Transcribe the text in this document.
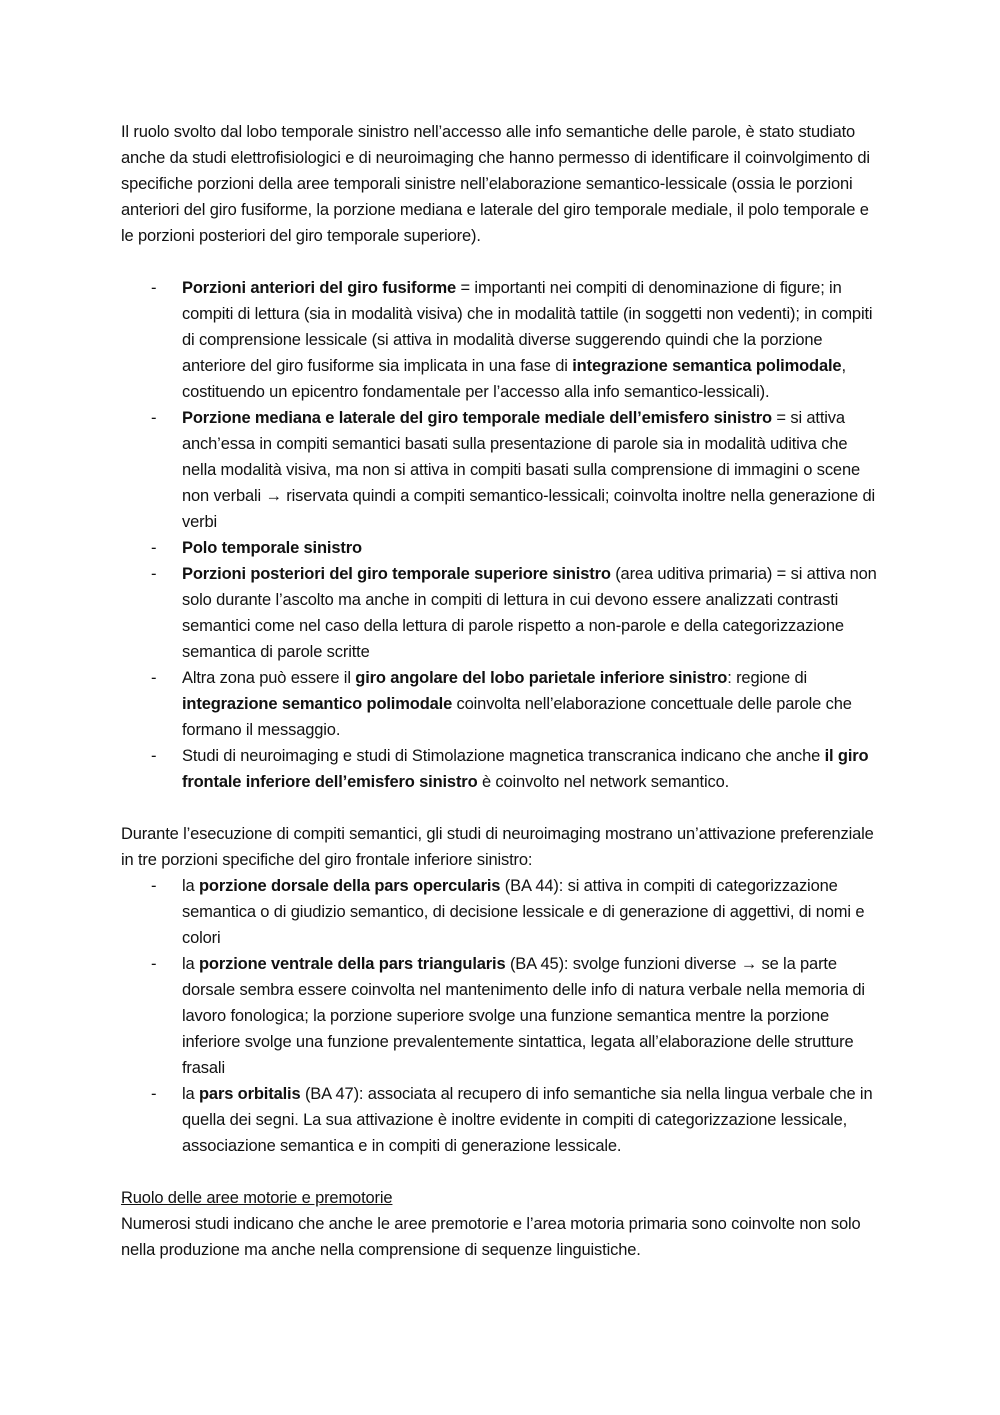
Il ruolo svolto dal lobo temporale sinistro nell’accesso alle info semantiche delle parole, è stato studiato anche da studi elettrofisiologici e di neuroimaging che hanno permesso di identificare il coinvolgimento di specifiche porzioni della aree temporali sinistre nell’elaborazione semantico-lessicale (ossia le porzioni anteriori del giro fusiforme, la porzione mediana e laterale del giro temporale mediale, il polo temporale e le porzioni posteriori del giro temporale superiore).

- Porzioni anteriori del giro fusiforme = importanti nei compiti di denominazione di figure; in compiti di lettura (sia in modalità visiva) che in modalità tattile (in soggetti non vedenti); in compiti di comprensione lessicale (si attiva in modalità diverse suggerendo quindi che la porzione anteriore del giro fusiforme sia implicata in una fase di integrazione semantica polimodale, costituendo un epicentro fondamentale per l’accesso alla info semantico-lessicali).
- Porzione mediana e laterale del giro temporale mediale dell’emisfero sinistro = si attiva anch’essa in compiti semantici basati sulla presentazione di parole sia in modalità uditiva che nella modalità visiva, ma non si attiva in compiti basati sulla comprensione di immagini o scene non verbali → riservata quindi a compiti semantico-lessicali; coinvolta inoltre nella generazione di verbi
- Polo temporale sinistro
- Porzioni posteriori del giro temporale superiore sinistro (area uditiva primaria) = si attiva non solo durante l’ascolto ma anche in compiti di lettura in cui devono essere analizzati contrasti semantici come nel caso della lettura di parole rispetto a non-parole e della categorizzazione semantica di parole scritte
- Altra zona può essere il giro angolare del lobo parietale inferiore sinistro: regione di integrazione semantico polimodale coinvolta nell’elaborazione concettuale delle parole che formano il messaggio.
- Studi di neuroimaging e studi di Stimolazione magnetica transcranica indicano che anche il giro frontale inferiore dell’emisfero sinistro è coinvolto nel network semantico.

Durante l’esecuzione di compiti semantici, gli studi di neuroimaging mostrano un’attivazione preferenziale in tre porzioni specifiche del giro frontale inferiore sinistro:

- la porzione dorsale della pars opercularis (BA 44): si attiva in compiti di categorizzazione semantica o di giudizio semantico, di decisione lessicale e di generazione di aggettivi, di nomi e colori
- la porzione ventrale della pars triangularis (BA 45): svolge funzioni diverse → se la parte dorsale sembra essere coinvolta nel mantenimento delle info di natura verbale nella memoria di lavoro fonologica; la porzione superiore svolge una funzione semantica mentre la porzione inferiore svolge una funzione prevalentemente sintattica, legata all’elaborazione delle strutture frasali
- la pars orbitalis (BA 47): associata al recupero di info semantiche sia nella lingua verbale che in quella dei segni. La sua attivazione è inoltre evidente in compiti di categorizzazione lessicale, associazione semantica e in compiti di generazione lessicale.

Ruolo delle aree motorie e premotorie

Numerosi studi indicano che anche le aree premotorie e l’area motoria primaria sono coinvolte non solo nella produzione ma anche nella comprensione di sequenze linguistiche.
